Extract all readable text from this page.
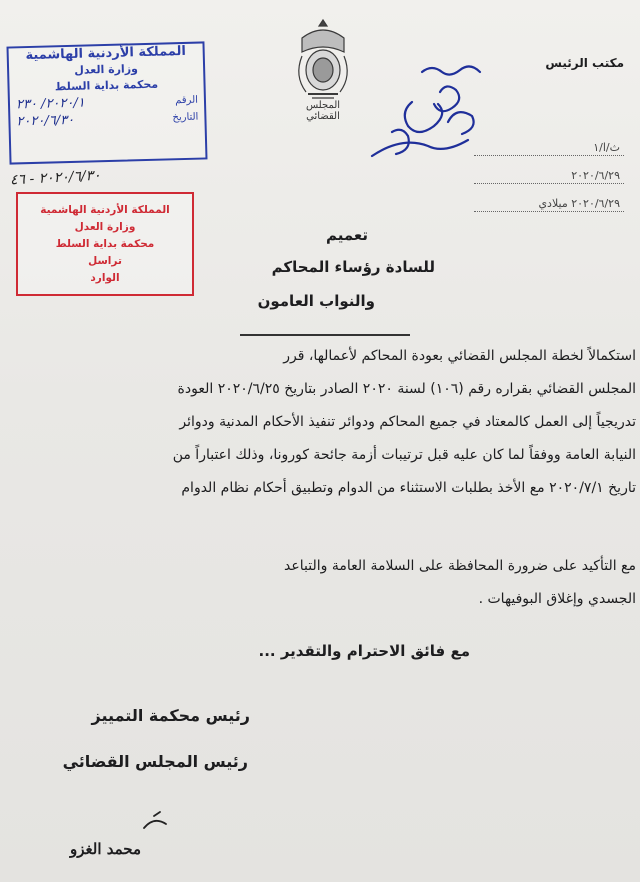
المجلس القضائي
مكتب الرئيس
ث/ا/١
٢٠٢٠/٦/٢٩
٢٠٢٠/٦/٢٩ ميلادي
المملكة الأردنية الهاشمية
وزارة العدل
محكمة بداية السلط
الرقم
٢٠٢٠/١/ ٢٣٠
التاريخ
٢٠٢٠/٦/٣٠
٢٠٢٠/٦/٣٠ - ٤٦
المملكة الأردنية الهاشمية
وزارة العدل
محكمة بداية السلط
تراسل
الوارد
تعميم
للسادة رؤساء المحاكم
والنواب العامون
استكمالاً لخطة المجلس القضائي بعودة المحاكم لأعمالها، قرر
المجلس القضائي بقراره رقم (١٠٦) لسنة ٢٠٢٠ الصادر بتاريخ ٢٠٢٠/٦/٢٥ العودة
تدريجياً إلى العمل كالمعتاد في جميع المحاكم ودوائر تنفيذ الأحكام المدنية ودوائر
النيابة العامة ووفقاً لما كان عليه قبل ترتيبات أزمة جائحة كورونا، وذلك اعتباراً من
تاريخ ٢٠٢٠/٧/١ مع الأخذ بطلبات الاستثناء من الدوام وتطبيق أحكام نظام الدوام
مع التأكيد على ضرورة المحافظة على السلامة العامة والتباعد
الجسدي وإغلاق البوفيهات .
مع فائق الاحترام والتقدير ...
رئيس محكمة التمييز
رئيس المجلس القضائي
محمد الغزو
